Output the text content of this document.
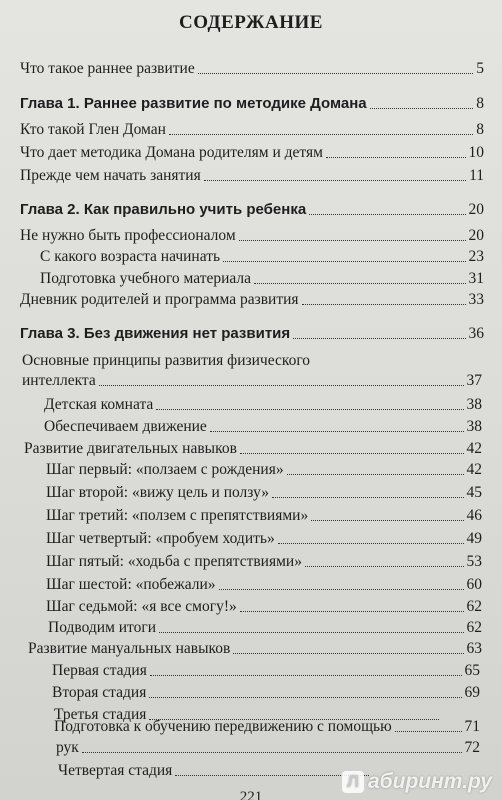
СОДЕРЖАНИЕ
Что такое раннее развитие	5
Глава 1. Раннее развитие по методике Домана	8
Кто такой Глен Доман	8
Что дает методика Домана родителям и детям	10
Прежде чем начать занятия	11
Глава 2. Как правильно учить ребенка	20
Не нужно быть профессионалом	20
С какого возраста начинать	23
Подготовка учебного материала	31
Дневник родителей и программа развития	33
Глава 3. Без движения нет развития	36
Основные принципы развития физического
интеллекта	37
Детская комната	38
Обеспечиваем движение	38
Развитие двигательных навыков	42
Шаг первый: «ползаем с рождения»	42
Шаг второй: «вижу цель и ползу»	45
Шаг третий: «ползем с препятствиями»	46
Шаг четвертый: «пробуем ходить»	49
Шаг пятый: «ходьба с препятствиями»	53
Шаг шестой: «побежали»	60
Шаг седьмой: «я все смогу!»	62
Подводим итоги	62
Развитие мануальных навыков	63
Первая стадия	65
Вторая стадия	69
Третья стадия
Подготовка к обучению передвижению с помощью	71
рук	72
Четвертая стадия
221
Л абиринт.ру
